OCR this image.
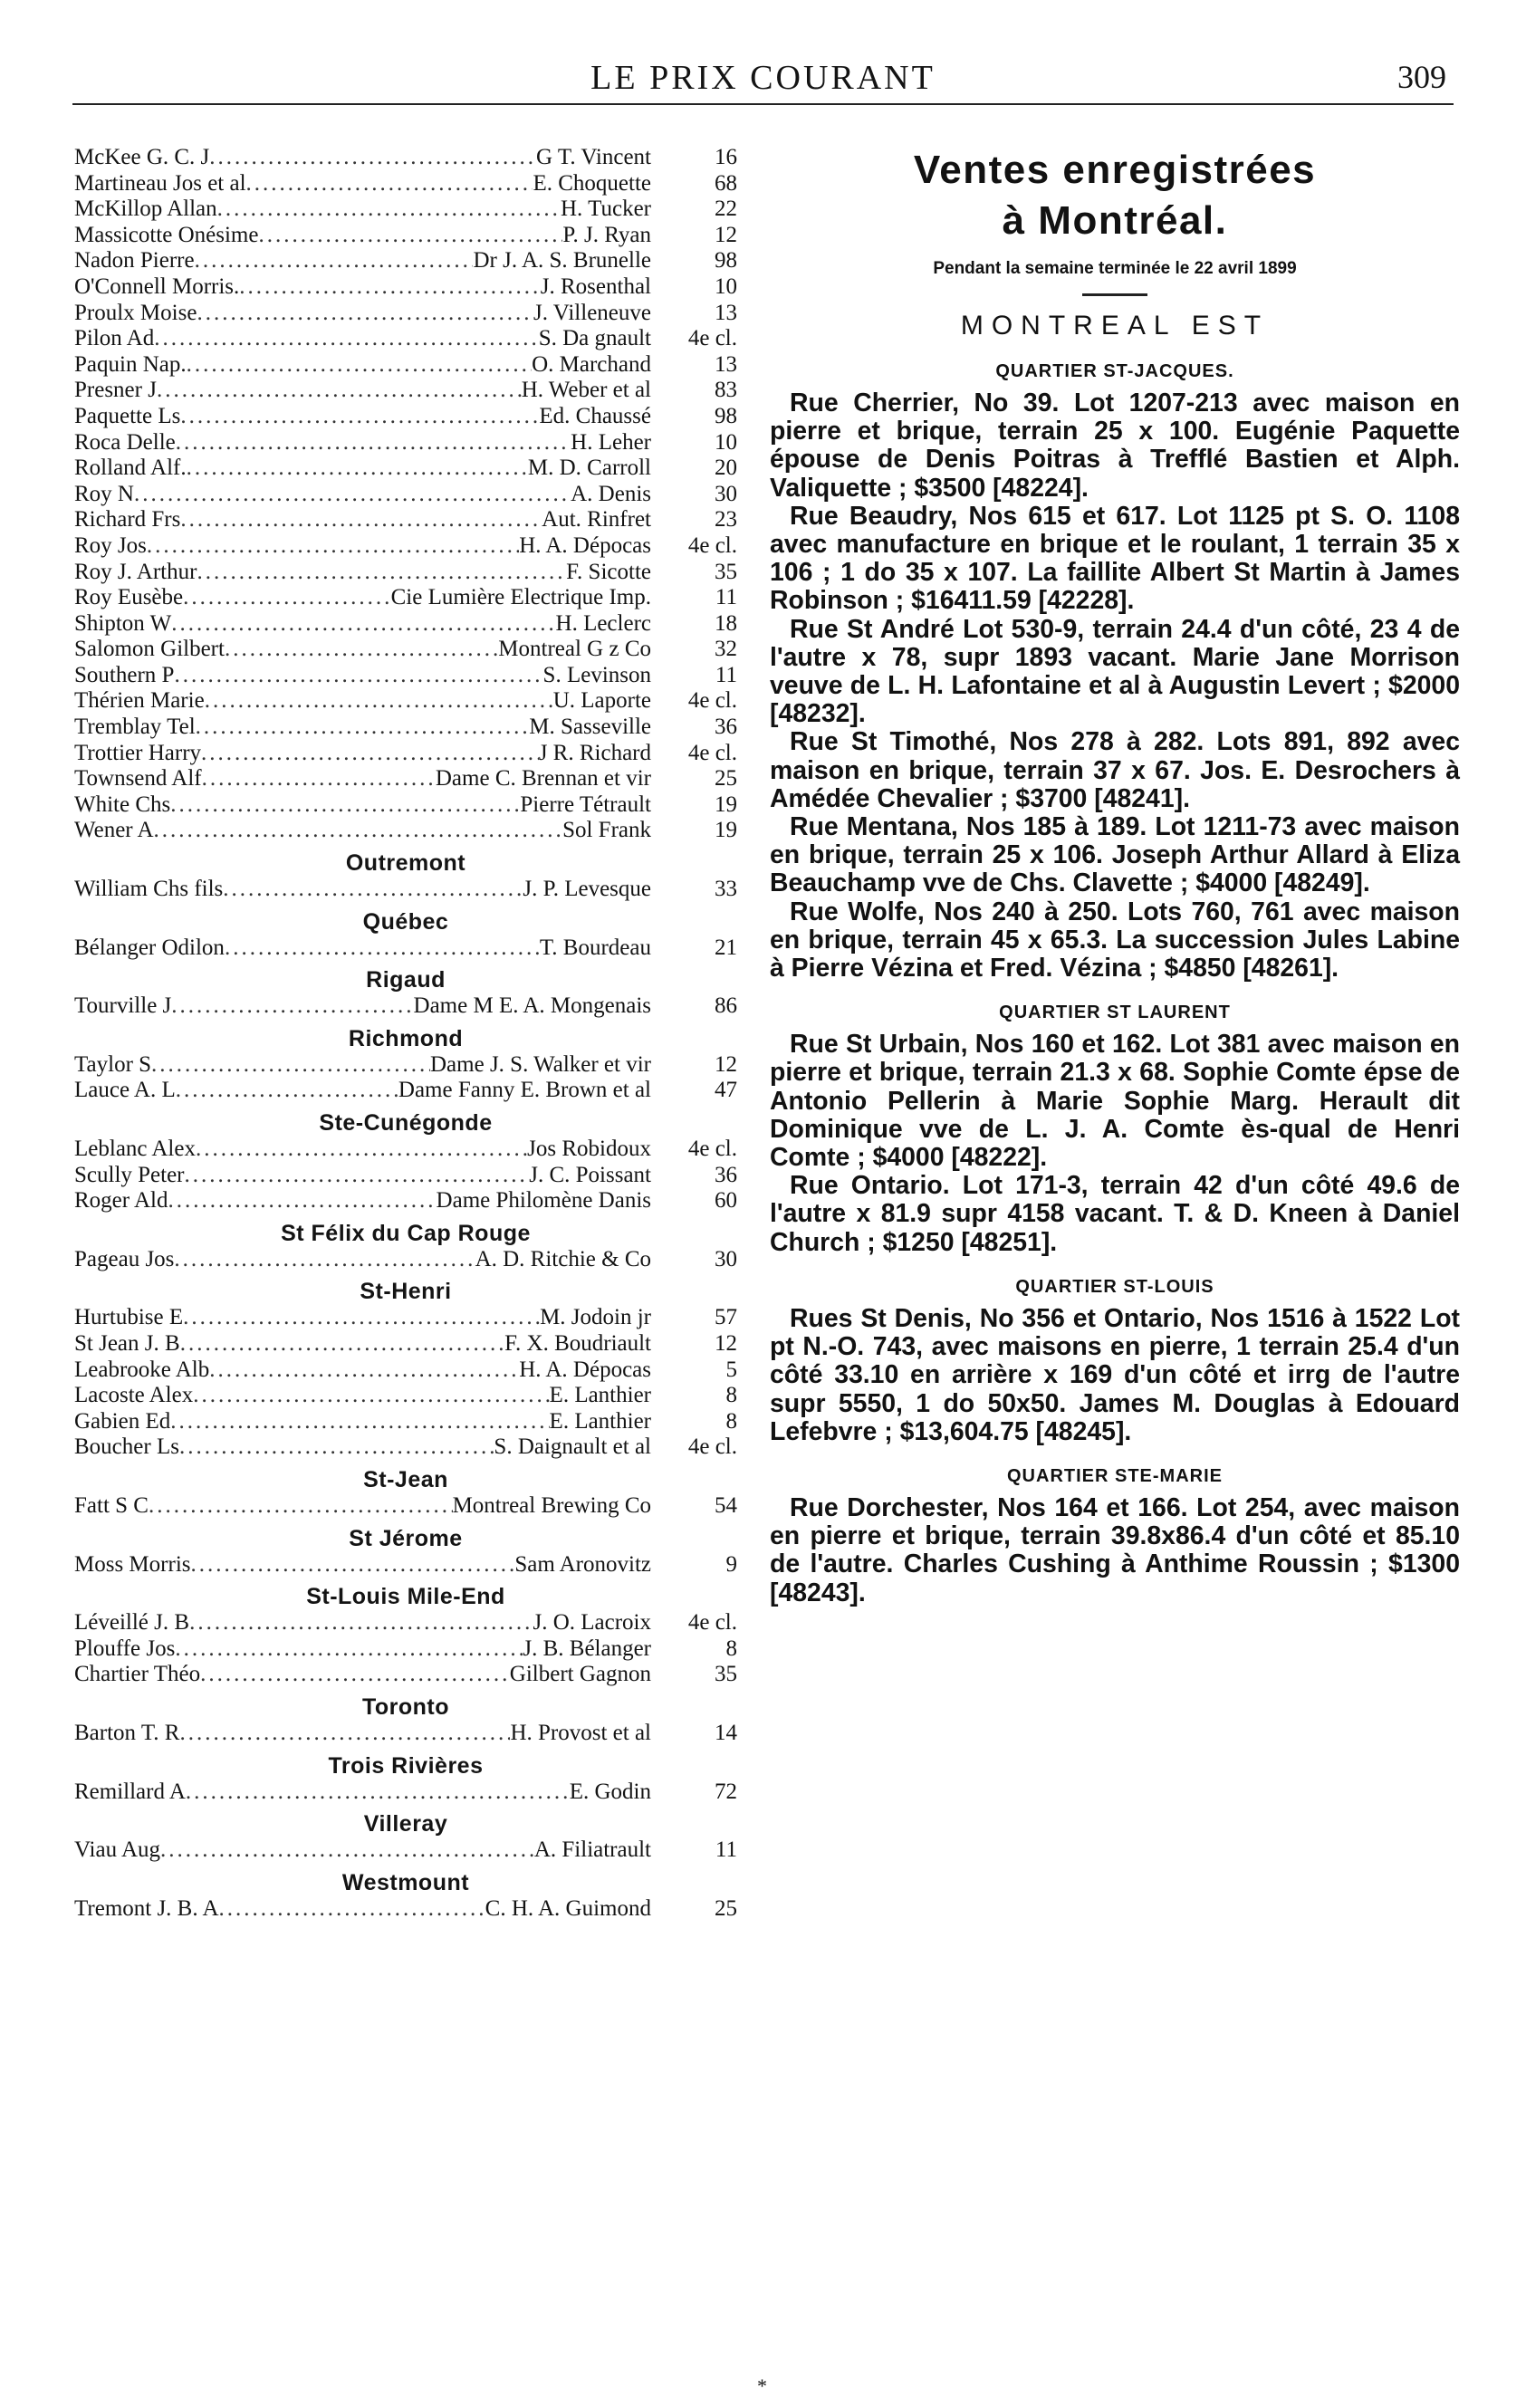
LE PRIX COURANT	309
McKee G. C. J .....	G T. Vincent	16
Martineau Jos et al .....	E. Choquette	68
McKillop Allan .....	H. Tucker	22
Massicotte Onésime .....	P. J. Ryan	12
Nadon Pierre .....	Dr J. A. S. Brunelle	98
O'Connell Morris. .....	J. Rosenthal	10
Proulx Moise .....	J. Villeneuve	13
Pilon Ad .....	S. Da gnault	4e cl.
Paquin Nap. .....	O. Marchand	13
Presner J .....	H. Weber et al	83
Paquette Ls .....	Ed. Chaussé	98
Roca Delle .....	H. Leher	10
Rolland Alf. .....	M. D. Carroll	20
Roy N .....	A. Denis	30
Richard Frs .....	Aut. Rinfret	23
Roy Jos .....	H. A. Dépocas	4e cl.
Roy J. Arthur .....	F. Sicotte	35
Roy Eusèbe .....	Cie Lumière Electrique Imp.	11
Shipton W .....	H. Leclerc	18
Salomon Gilbert .....	Montreal G z Co	32
Southern P .....	S. Levinson	11
Thérien Marie .....	U. Laporte	4e cl.
Tremblay Tel .....	M. Sasseville	36
Trottier Harry .....	J R. Richard	4e cl.
Townsend Alf .....	Dame C. Brennan et vir	25
White Chs .....	Pierre Tétrault	19
Wener A .....	Sol Frank	19
Outremont
William Chs fils .....	J. P. Levesque	33
Québec
Bélanger Odilon .....	T. Bourdeau	21
Rigaud
Tourville J .....	Dame M E. A. Mongenais	86
Richmond
Taylor S .....	Dame J. S. Walker et vir	12
Lauce A. L .....	Dame Fanny E. Brown et al	47
Ste-Cunégonde
Leblanc Alex .....	Jos Robidoux	4e cl.
Scully Peter .....	J. C. Poissant	36
Roger Ald .....	Dame Philomène Danis	60
St Félix du Cap Rouge
Pageau Jos .....	A. D. Ritchie & Co	30
St-Henri
Hurtubise E .....	M. Jodoin jr	57
St Jean J. B .....	F. X. Boudriault	12
Leabrooke Alb .....	H. A. Dépocas	5
Lacoste Alex .....	E. Lanthier	8
Gabien Ed .....	E. Lanthier	8
Boucher Ls .....	S. Daignault et al	4e cl.
St-Jean
Fatt S C .....	Montreal Brewing Co	54
St Jérome
Moss Morris .....	Sam Aronovitz	9
St-Louis Mile-End
Léveillé J. B .....	J. O. Lacroix	4e cl.
Plouffe Jos .....	J. B. Bélanger	8
Chartier Théo .....	Gilbert Gagnon	35
Toronto
Barton T. R .....	H. Provost et al	14
Trois Rivières
Remillard A .....	E. Godin	72
Villeray
Viau Aug .....	A. Filiatrault	11
Westmount
Tremont J. B. A .....	C. H. A. Guimond	25
Ventes enregistrées
à Montréal.
Pendant la semaine terminée le 22 avril 1899
MONTREAL EST
QUARTIER ST-JACQUES.

Rue Cherrier, No 39. Lot 1207-213 avec maison en pierre et brique, terrain 25 x 100. Eugénie Paquette épouse de Denis Poitras à Trefflé Bastien et Alph. Valiquette ; $3500 [48224].

Rue Beaudry, Nos 615 et 617. Lot 1125 pt S. O. 1108 avec manufacture en brique et le roulant, 1 terrain 35 x 106 ; 1 do 35 x 107. La faillite Albert St Martin à James Robinson ; $16411.59 [42228].

Rue St André Lot 530-9, terrain 24.4 d'un côté, 23 4 de l'autre x 78, supr 1893 vacant. Marie Jane Morrison veuve de L. H. Lafontaine et al à Augustin Levert ; $2000 [48232].

Rue St Timothé, Nos 278 à 282. Lots 891, 892 avec maison en brique, terrain 37 x 67. Jos. E. Desrochers à Amédée Chevalier ; $3700 [48241].

Rue Mentana, Nos 185 à 189. Lot 1211-73 avec maison en brique, terrain 25 x 106. Joseph Arthur Allard à Eliza Beauchamp vve de Chs. Clavette ; $4000 [48249].

Rue Wolfe, Nos 240 à 250. Lots 760, 761 avec maison en brique, terrain 45 x 65.3. La succession Jules Labine à Pierre Vézina et Fred. Vézina ; $4850 [48261].

QUARTIER ST LAURENT

Rue St Urbain, Nos 160 et 162. Lot 381 avec maison en pierre et brique, terrain 21.3 x 68. Sophie Comte épse de Antonio Pellerin à Marie Sophie Marg. Herault dit Dominique vve de L. J. A. Comte ès-qual de Henri Comte ; $4000 [48222].

Rue Ontario. Lot 171-3, terrain 42 d'un côté 49.6 de l'autre x 81.9 supr 4158 vacant. T. & D. Kneen à Daniel Church ; $1250 [48251].

QUARTIER ST-LOUIS

Rues St Denis, No 356 et Ontario, Nos 1516 à 1522 Lot pt N.-O. 743, avec maisons en pierre, 1 terrain 25.4 d'un côté 33.10 en arrière x 169 d'un côté et irrg de l'autre supr 5550, 1 do 50x50. James M. Douglas à Edouard Lefebvre ; $13,604.75 [48245].

QUARTIER STE-MARIE

Rue Dorchester, Nos 164 et 166. Lot 254, avec maison en pierre et brique, terrain 39.8x86.4 d'un côté et 85.10 de l'autre. Charles Cushing à Anthime Roussin ; $1300 [48243].

*
